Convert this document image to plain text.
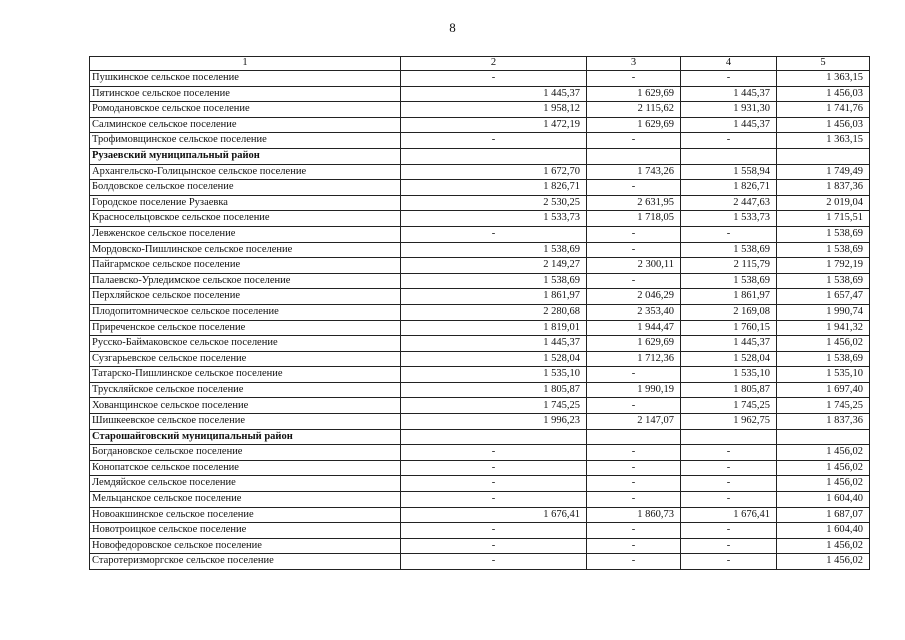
8
1	2	3	4	5
Пушкинское сельское поселение	-	-	-	1 363,15
Пятинское сельское поселение	1 445,37	1 629,69	1 445,37	1 456,03
Ромодановское сельское поселение	1 958,12	2 115,62	1 931,30	1 741,76
Салминское сельское поселение	1 472,19	1 629,69	1 445,37	1 456,03
Трофимовщинское сельское поселение	-	-	-	1 363,15
Рузаевский муниципальный район				
Архангельско-Голицынское сельское поселение	1 672,70	1 743,26	1 558,94	1 749,49
Болдовское сельское поселение	1 826,71	-	1 826,71	1 837,36
Городское поселение Рузаевка	2 530,25	2 631,95	2 447,63	2 019,04
Красносельцовское сельское поселение	1 533,73	1 718,05	1 533,73	1 715,51
Левженское сельское поселение	-	-	-	1 538,69
Мордовско-Пишлинское сельское поселение	1 538,69	-	1 538,69	1 538,69
Пайгармское сельское поселение	2 149,27	2 300,11	2 115,79	1 792,19
Палаевско-Урледимское сельское поселение	1 538,69	-	1 538,69	1 538,69
Перхляйское сельское поселение	1 861,97	2 046,29	1 861,97	1 657,47
Плодопитомническое сельское поселение	2 280,68	2 353,40	2 169,08	1 990,74
Приреченское сельское поселение	1 819,01	1 944,47	1 760,15	1 941,32
Русско-Баймаковское сельское поселение	1 445,37	1 629,69	1 445,37	1 456,02
Сузгарьевское сельское поселение	1 528,04	1 712,36	1 528,04	1 538,69
Татарско-Пишлинское сельское поселение	1 535,10	-	1 535,10	1 535,10
Трускляйское сельское поселение	1 805,87	1 990,19	1 805,87	1 697,40
Хованщинское сельское поселение	1 745,25	-	1 745,25	1 745,25
Шишкеевское сельское поселение	1 996,23	2 147,07	1 962,75	1 837,36
Старошайговский муниципальный район				
Богдановское сельское поселение	-	-	-	1 456,02
Конопатское сельское поселение	-	-	-	1 456,02
Лемдяйское сельское поселение	-	-	-	1 456,02
Мельцанское сельское поселение	-	-	-	1 604,40
Новоакшинское сельское поселение	1 676,41	1 860,73	1 676,41	1 687,07
Новотроицкое сельское поселение	-	-	-	1 604,40
Новофедоровское сельское поселение	-	-	-	1 456,02
Старотеризморгское сельское поселение	-	-	-	1 456,02
